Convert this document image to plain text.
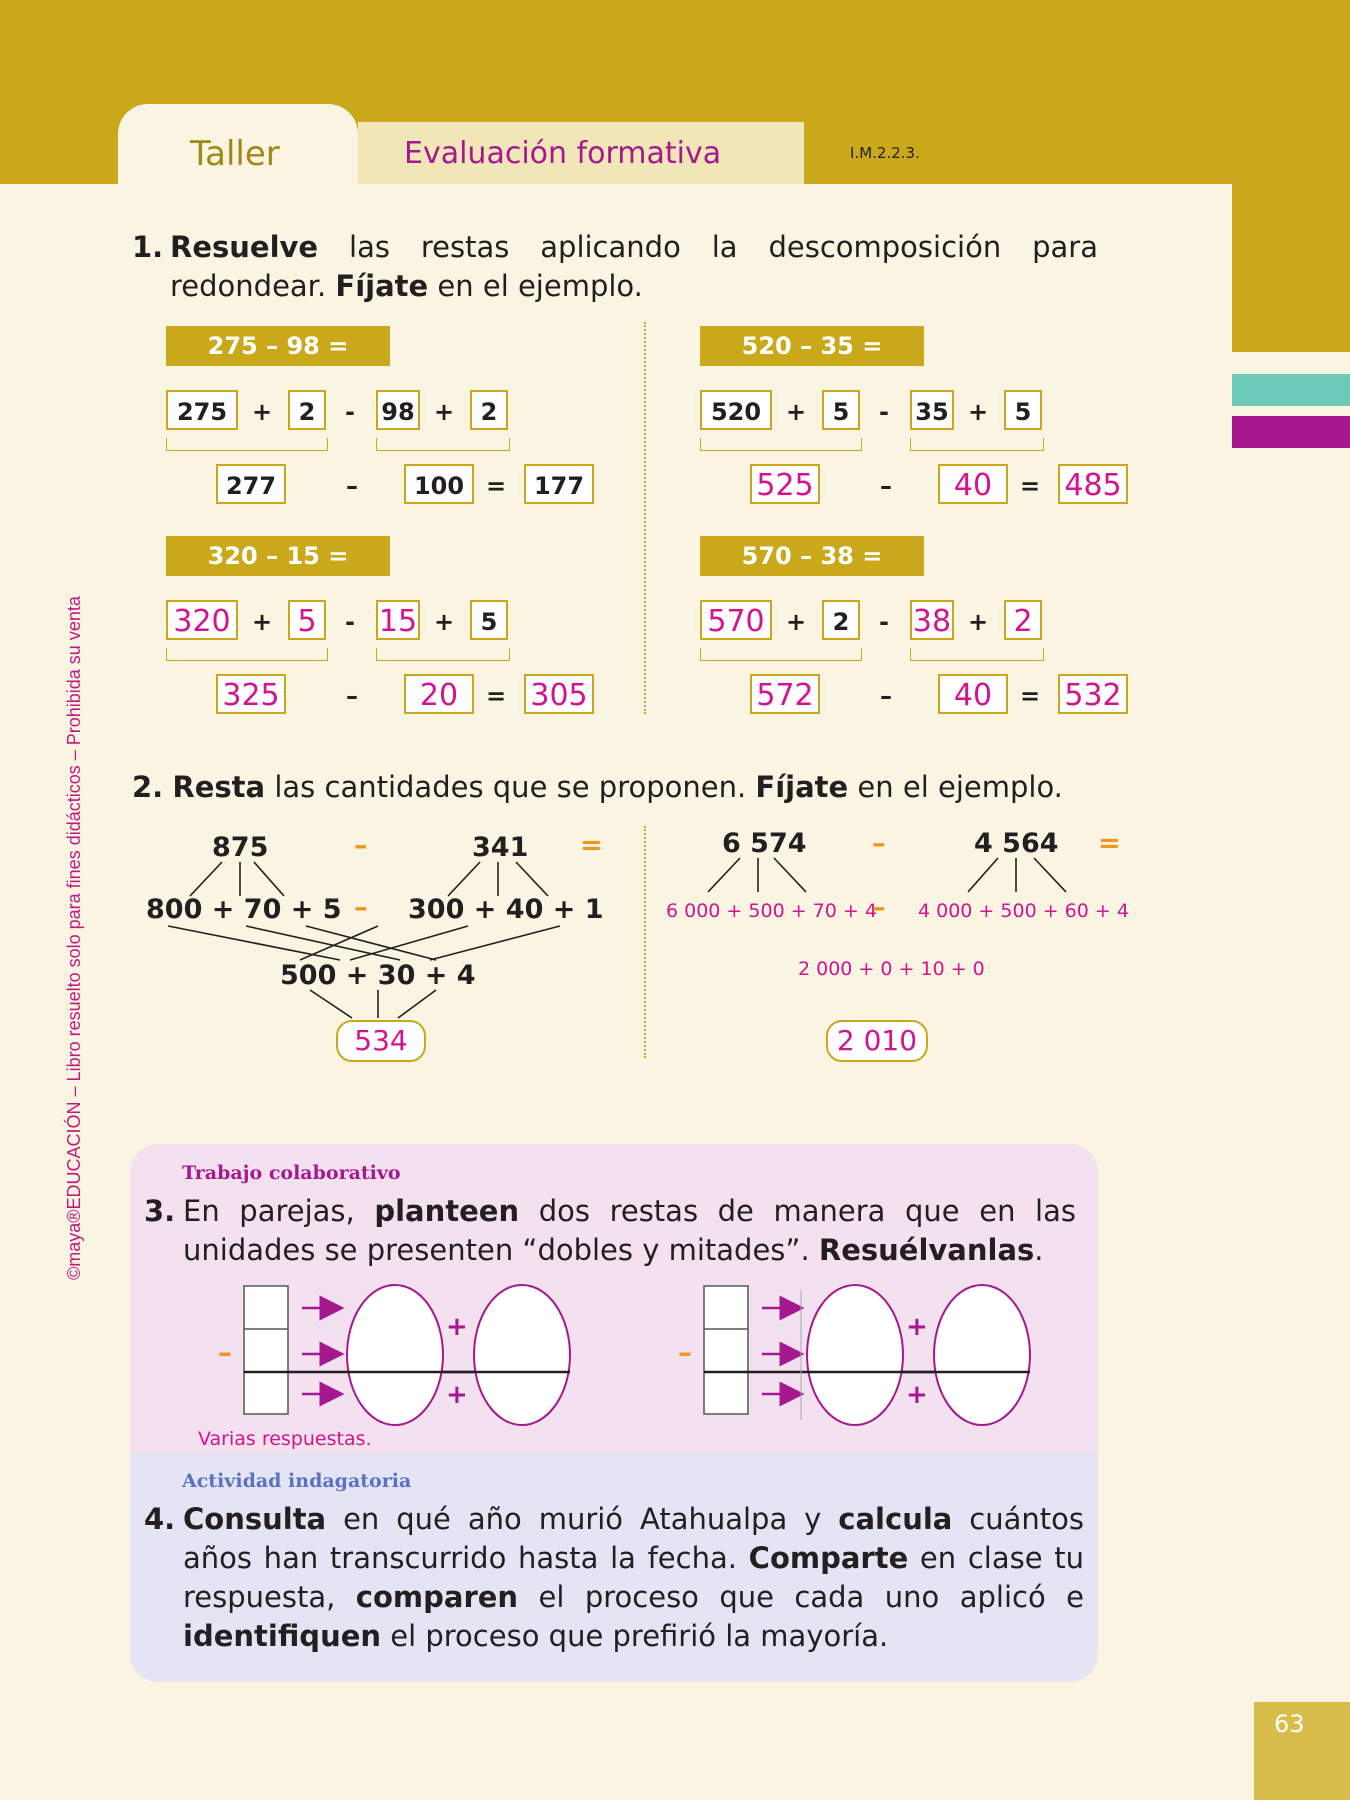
Taller	Evaluación formativa	I.M.2.2.3.
©maya®EDUCACIÓN – Libro resuelto solo para fines didácticos – Prohibida su venta
63
1. Resuelve las restas aplicando la descomposición para redondear. Fíjate en el ejemplo.
275 – 98 =
275	+	2	- 98 +	2
277	–	100 =	177
520 – 35 =
520	+	5	- 35 +	5
525	–	40	= 485
320 – 15 =
320 + 5	- 15 +	5
325	–	20	= 305
570 – 38 =
570 +	2	- 38 + 2
572	–	40	= 532
2. Resta las cantidades que se proponen. Fíjate en el ejemplo.
875	–	341 =
800 + 70 + 5 – 300 + 40 + 1
500 + 30 + 4
534
6 574 –	4 564 =
6 000 + 500 + 70 + 4
– 4 000 + 500 + 60 + 4
2 000 + 0 + 10 + 0
2 010
Trabajo colaborativo
3. En parejas, planteen dos restas de manera que en las unidades se presenten “dobles y mitades”. Resuélvanlas.
–
+
+
–
+
+
Varias respuestas.
Actividad indagatoria
4. Consulta en qué año murió Atahualpa y calcula cuántos años han transcurrido hasta la fecha. Comparte en clase tu respuesta, comparen el proceso que cada uno aplicó e identifiquen el proceso que prefirió la mayoría.
